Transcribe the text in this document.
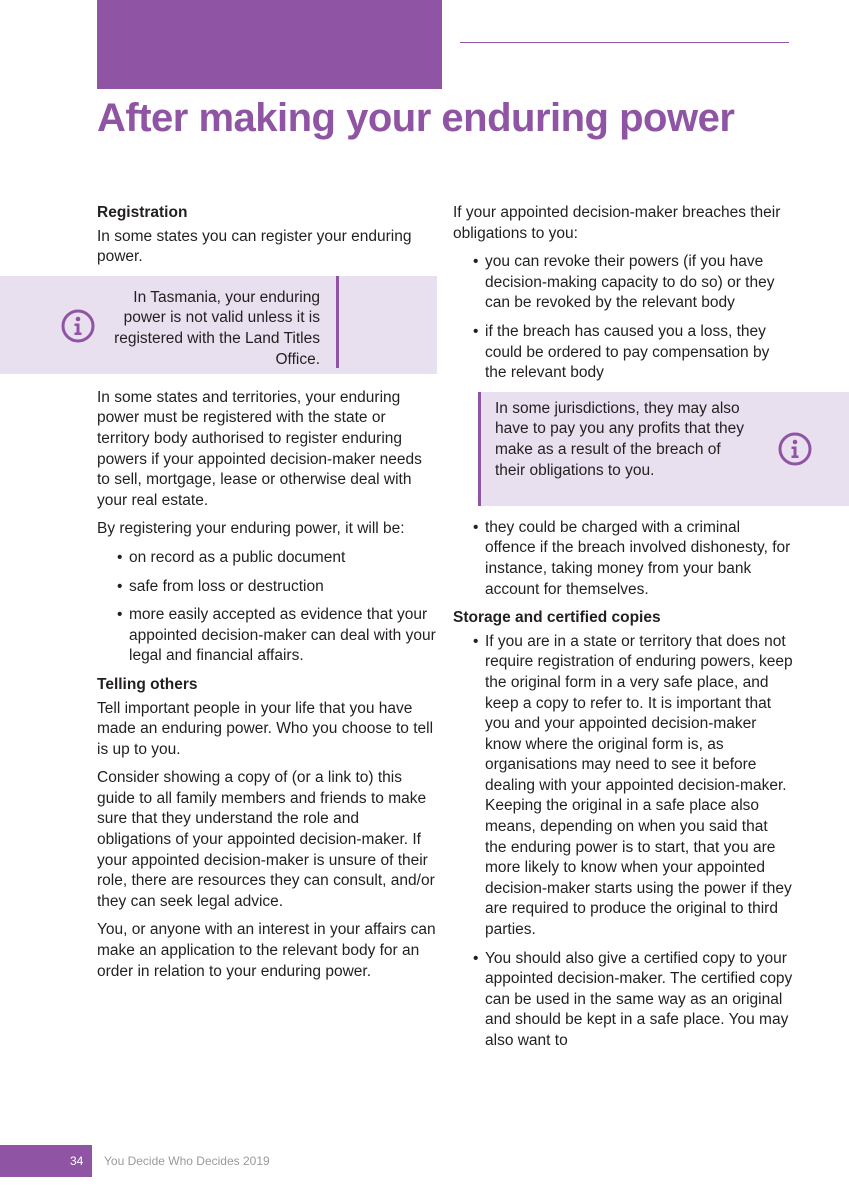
After making your enduring power
Registration

In some states you can register your enduring power.

In Tasmania, your enduring power is not valid unless it is registered with the Land Titles Office.

In some states and territories, your enduring power must be registered with the state or territory body authorised to register enduring powers if your appointed decision-maker needs to sell, mortgage, lease or otherwise deal with your real estate.

By registering your enduring power, it will be:

• on record as a public document
• safe from loss or destruction
• more easily accepted as evidence that your appointed decision-maker can deal with your legal and financial affairs.
Telling others

Tell important people in your life that you have made an enduring power. Who you choose to tell is up to you.

Consider showing a copy of (or a link to) this guide to all family members and friends to make sure that they understand the role and obligations of your appointed decision-maker. If your appointed decision-maker is unsure of their role, there are resources they can consult, and/or they can seek legal advice.

You, or anyone with an interest in your affairs can make an application to the relevant body for an order in relation to your enduring power.

If your appointed decision-maker breaches their obligations to you:

• you can revoke their powers (if you have decision-making capacity to do so) or they can be revoked by the relevant body
• if the breach has caused you a loss, they could be ordered to pay compensation by the relevant body
In some jurisdictions, they may also have to pay you any profits that they make as a result of the breach of their obligations to you.
• they could be charged with a criminal offence if the breach involved dishonesty, for instance, taking money from your bank account for themselves.
Storage and certified copies
• If you are in a state or territory that does not require registration of enduring powers, keep the original form in a very safe place, and keep a copy to refer to. It is important that you and your appointed decision-maker know where the original form is, as organisations may need to see it before dealing with your appointed decision-maker. Keeping the original in a safe place also means, depending on when you said that the enduring power is to start, that you are more likely to know when your appointed decision-maker starts using the power if they are required to produce the original to third parties.
• You should also give a certified copy to your appointed decision-maker. The certified copy can be used in the same way as an original and should be kept in a safe place. You may also want to
34 You Decide Who Decides 2019
